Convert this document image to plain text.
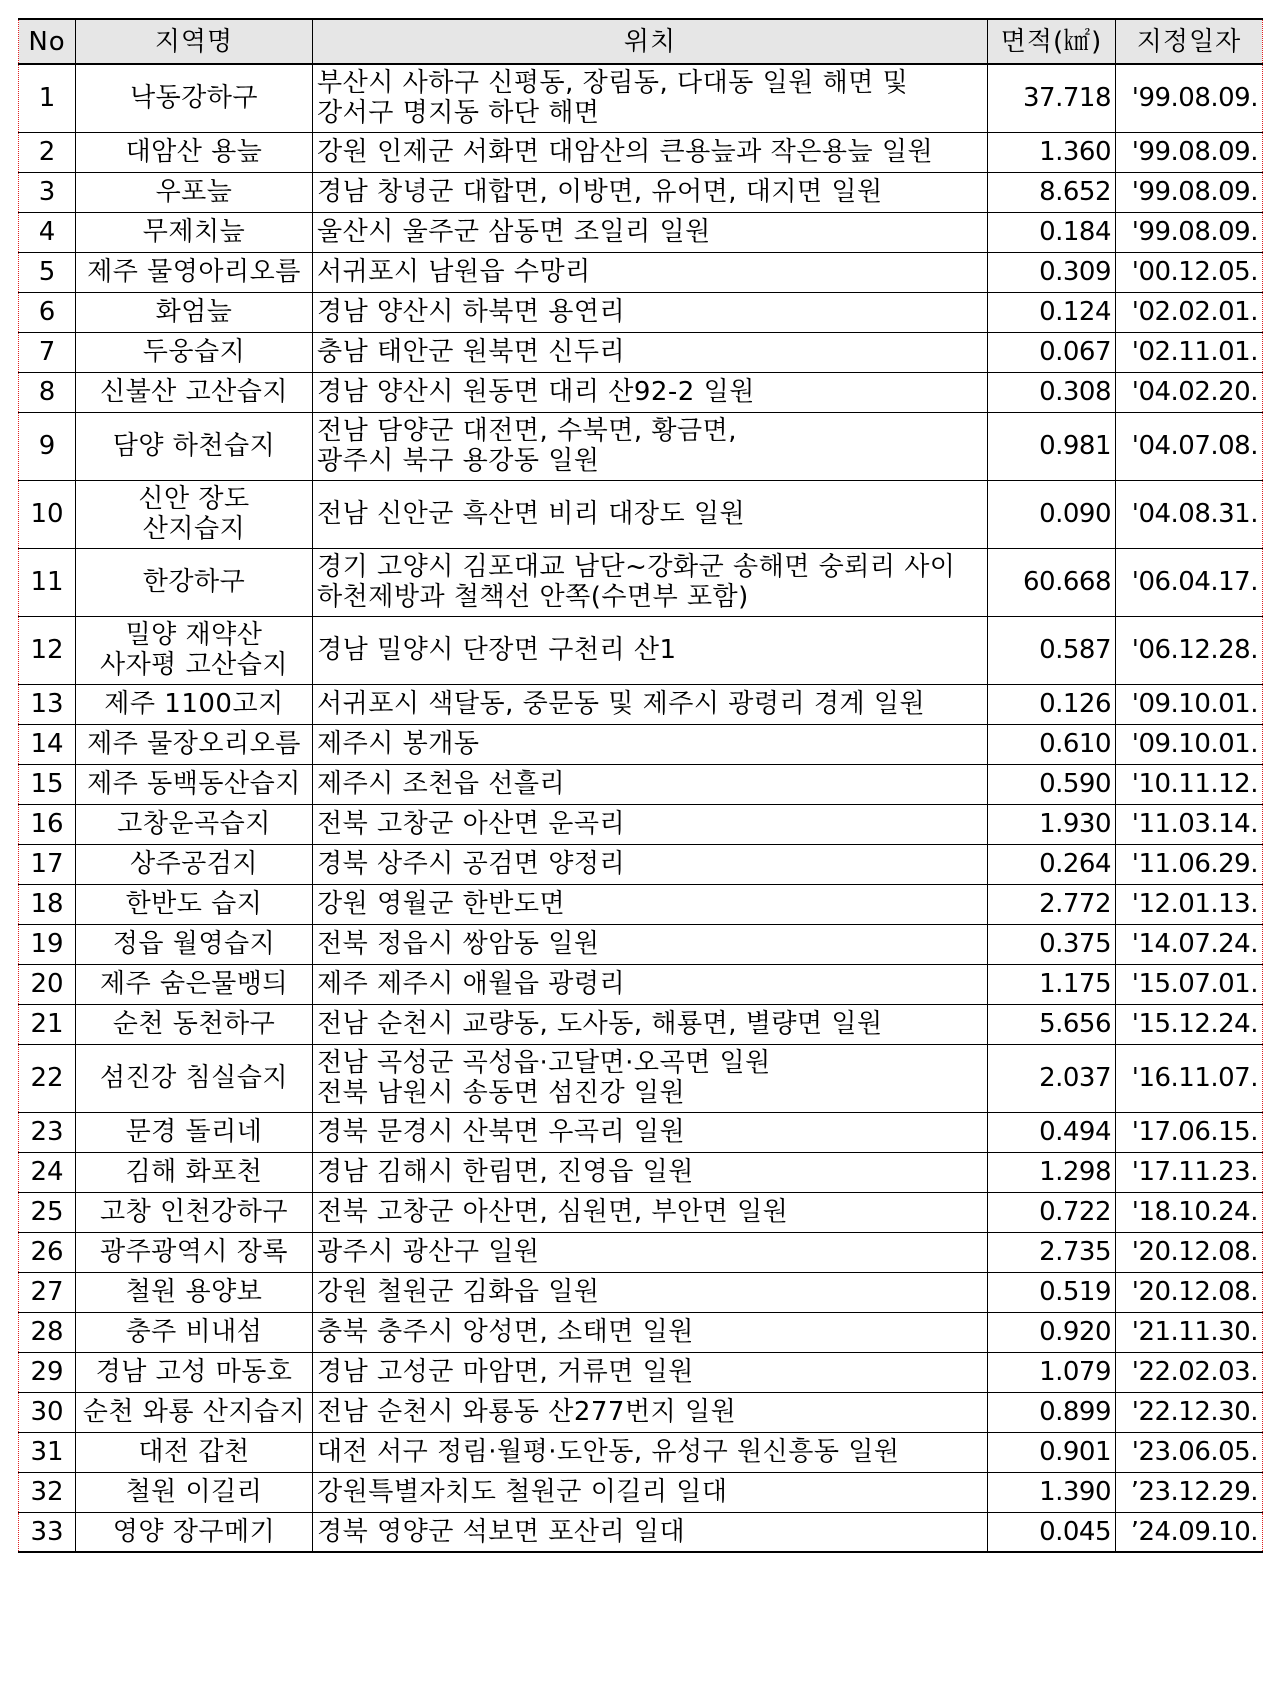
No	지역명	위치	면적(㎢)	지정일자
1	낙동강하구	부산시 사하구 신평동, 장림동, 다대동 일원 해면 및
강서구 명지동 하단 해면	37.718	'99.08.09.
2	대암산 용늪	강원 인제군 서화면 대암산의 큰용늪과 작은용늪 일원	1.360	'99.08.09.
3	우포늪	경남 창녕군 대합면, 이방면, 유어면, 대지면 일원	8.652	'99.08.09.
4	무제치늪	울산시 울주군 삼동면 조일리 일원	0.184	'99.08.09.
5	제주 물영아리오름	서귀포시 남원읍 수망리	0.309	'00.12.05.
6	화엄늪	경남 양산시 하북면 용연리	0.124	'02.02.01.
7	두웅습지	충남 태안군 원북면 신두리	0.067	'02.11.01.
8	신불산 고산습지	경남 양산시 원동면 대리 산92-2 일원	0.308	'04.02.20.
9	담양 하천습지	전남 담양군 대전면, 수북면, 황금면,
광주시 북구 용강동 일원	0.981	'04.07.08.
10	신안 장도
산지습지	전남 신안군 흑산면 비리 대장도 일원	0.090	'04.08.31.
11	한강하구	경기 고양시 김포대교 남단~강화군 송해면 숭뢰리 사이
하천제방과 철책선 안쪽(수면부 포함)	60.668	'06.04.17.
12	밀양 재약산
사자평 고산습지	경남 밀양시 단장면 구천리 산1	0.587	'06.12.28.
13	제주 1100고지	서귀포시 색달동, 중문동 및 제주시 광령리 경계 일원	0.126	'09.10.01.
14	제주 물장오리오름	제주시 봉개동	0.610	'09.10.01.
15	제주 동백동산습지	제주시 조천읍 선흘리	0.590	'10.11.12.
16	고창운곡습지	전북 고창군 아산면 운곡리	1.930	'11.03.14.
17	상주공검지	경북 상주시 공검면 양정리	0.264	'11.06.29.
18	한반도 습지	강원 영월군 한반도면	2.772	'12.01.13.
19	정읍 월영습지	전북 정읍시 쌍암동 일원	0.375	'14.07.24.
20	제주 숨은물뱅듸	제주 제주시 애월읍 광령리	1.175	'15.07.01.
21	순천 동천하구	전남 순천시 교량동, 도사동, 해룡면, 별량면 일원	5.656	'15.12.24.
22	섬진강 침실습지	전남 곡성군 곡성읍·고달면·오곡면 일원
전북 남원시 송동면 섬진강 일원	2.037	'16.11.07.
23	문경 돌리네	경북 문경시 산북면 우곡리 일원	0.494	'17.06.15.
24	김해 화포천	경남 김해시 한림면, 진영읍 일원	1.298	'17.11.23.
25	고창 인천강하구	전북 고창군 아산면, 심원면, 부안면 일원	0.722	'18.10.24.
26	광주광역시 장록	광주시 광산구 일원	2.735	'20.12.08.
27	철원 용양보	강원 철원군 김화읍 일원	0.519	'20.12.08.
28	충주 비내섬	충북 충주시 앙성면, 소태면 일원	0.920	'21.11.30.
29	경남 고성 마동호	경남 고성군 마암면, 거류면 일원	1.079	'22.02.03.
30	순천 와룡 산지습지	전남 순천시 와룡동 산277번지 일원	0.899	'22.12.30.
31	대전 갑천	대전 서구 정림·월평·도안동, 유성구 원신흥동 일원	0.901	'23.06.05.
32	철원 이길리	강원특별자치도 철원군 이길리 일대	1.390	’23.12.29.
33	영양 장구메기	경북 영양군 석보면 포산리 일대	0.045	’24.09.10.
